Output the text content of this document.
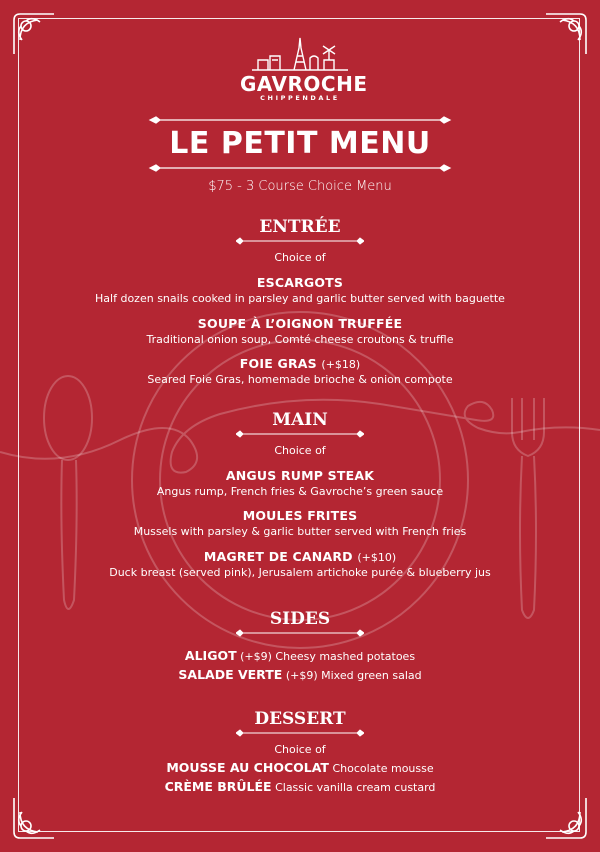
GAVROCHE
CHIPPENDALE
LE PETIT MENU
$75 - 3 Course Choice Menu
ENTRÉE
Choice of
ESCARGOTS
Half dozen snails cooked in parsley and garlic butter served with baguette
SOUPE À L’OIGNON TRUFFÉE
Traditional onion soup, Comté cheese croutons & truffle
FOIE GRAS (+$18)
Seared Foie Gras, homemade brioche & onion compote
MAIN
Choice of
ANGUS RUMP STEAK
Angus rump, French fries & Gavroche’s green sauce
MOULES FRITES
Mussels with parsley & garlic butter served with French fries
MAGRET DE CANARD (+$10)
Duck breast (served pink), Jerusalem artichoke purée & blueberry jus
SIDES
ALIGOT (+$9) Cheesy mashed potatoes
SALADE VERTE (+$9) Mixed green salad
DESSERT
Choice of
MOUSSE AU CHOCOLAT Chocolate mousse
CRÈME BRÛLÉE Classic vanilla cream custard
